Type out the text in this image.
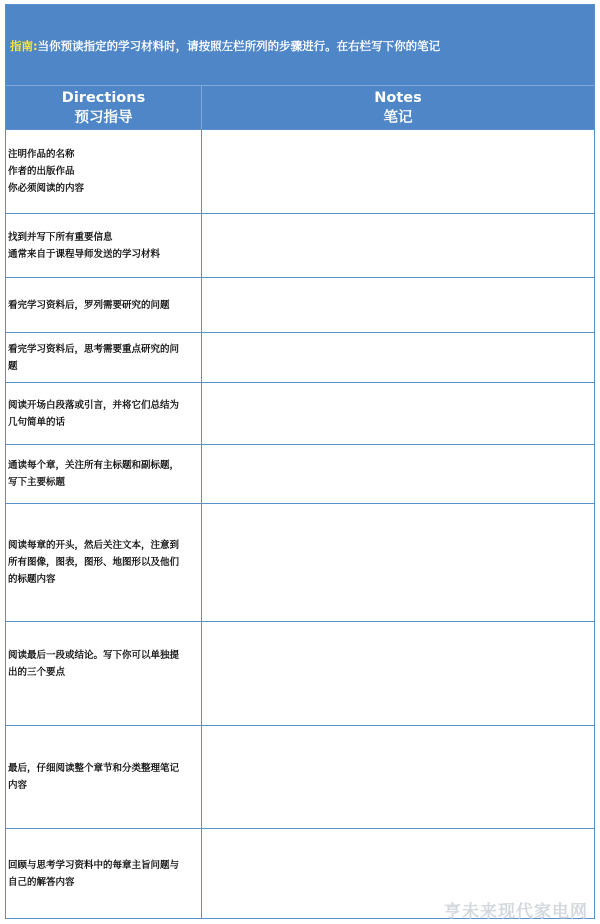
指南:当你预读指定的学习材料时，请按照左栏所列的步骤进行。在右栏写下你的笔记
Directions
预习指导
Notes
笔记
注明作品的名称
作者的出版作品
你必须阅读的内容
找到并写下所有重要信息
通常来自于课程导师发送的学习材料
看完学习资料后，罗列需要研究的问题
看完学习资料后，思考需要重点研究的问
题
阅读开场白段落或引言，并将它们总结为
几句简单的话
通读每个章，关注所有主标题和副标题，
写下主要标题
阅读每章的开头，然后关注文本，注意到
所有图像，图表，图形、地图形以及他们
的标题内容
阅读最后一段或结论。写下你可以单独提
出的三个要点
最后，仔细阅读整个章节和分类整理笔记
内容
回顾与思考学习资料中的每章主旨问题与
自己的解答内容
亨未来现代家电网
